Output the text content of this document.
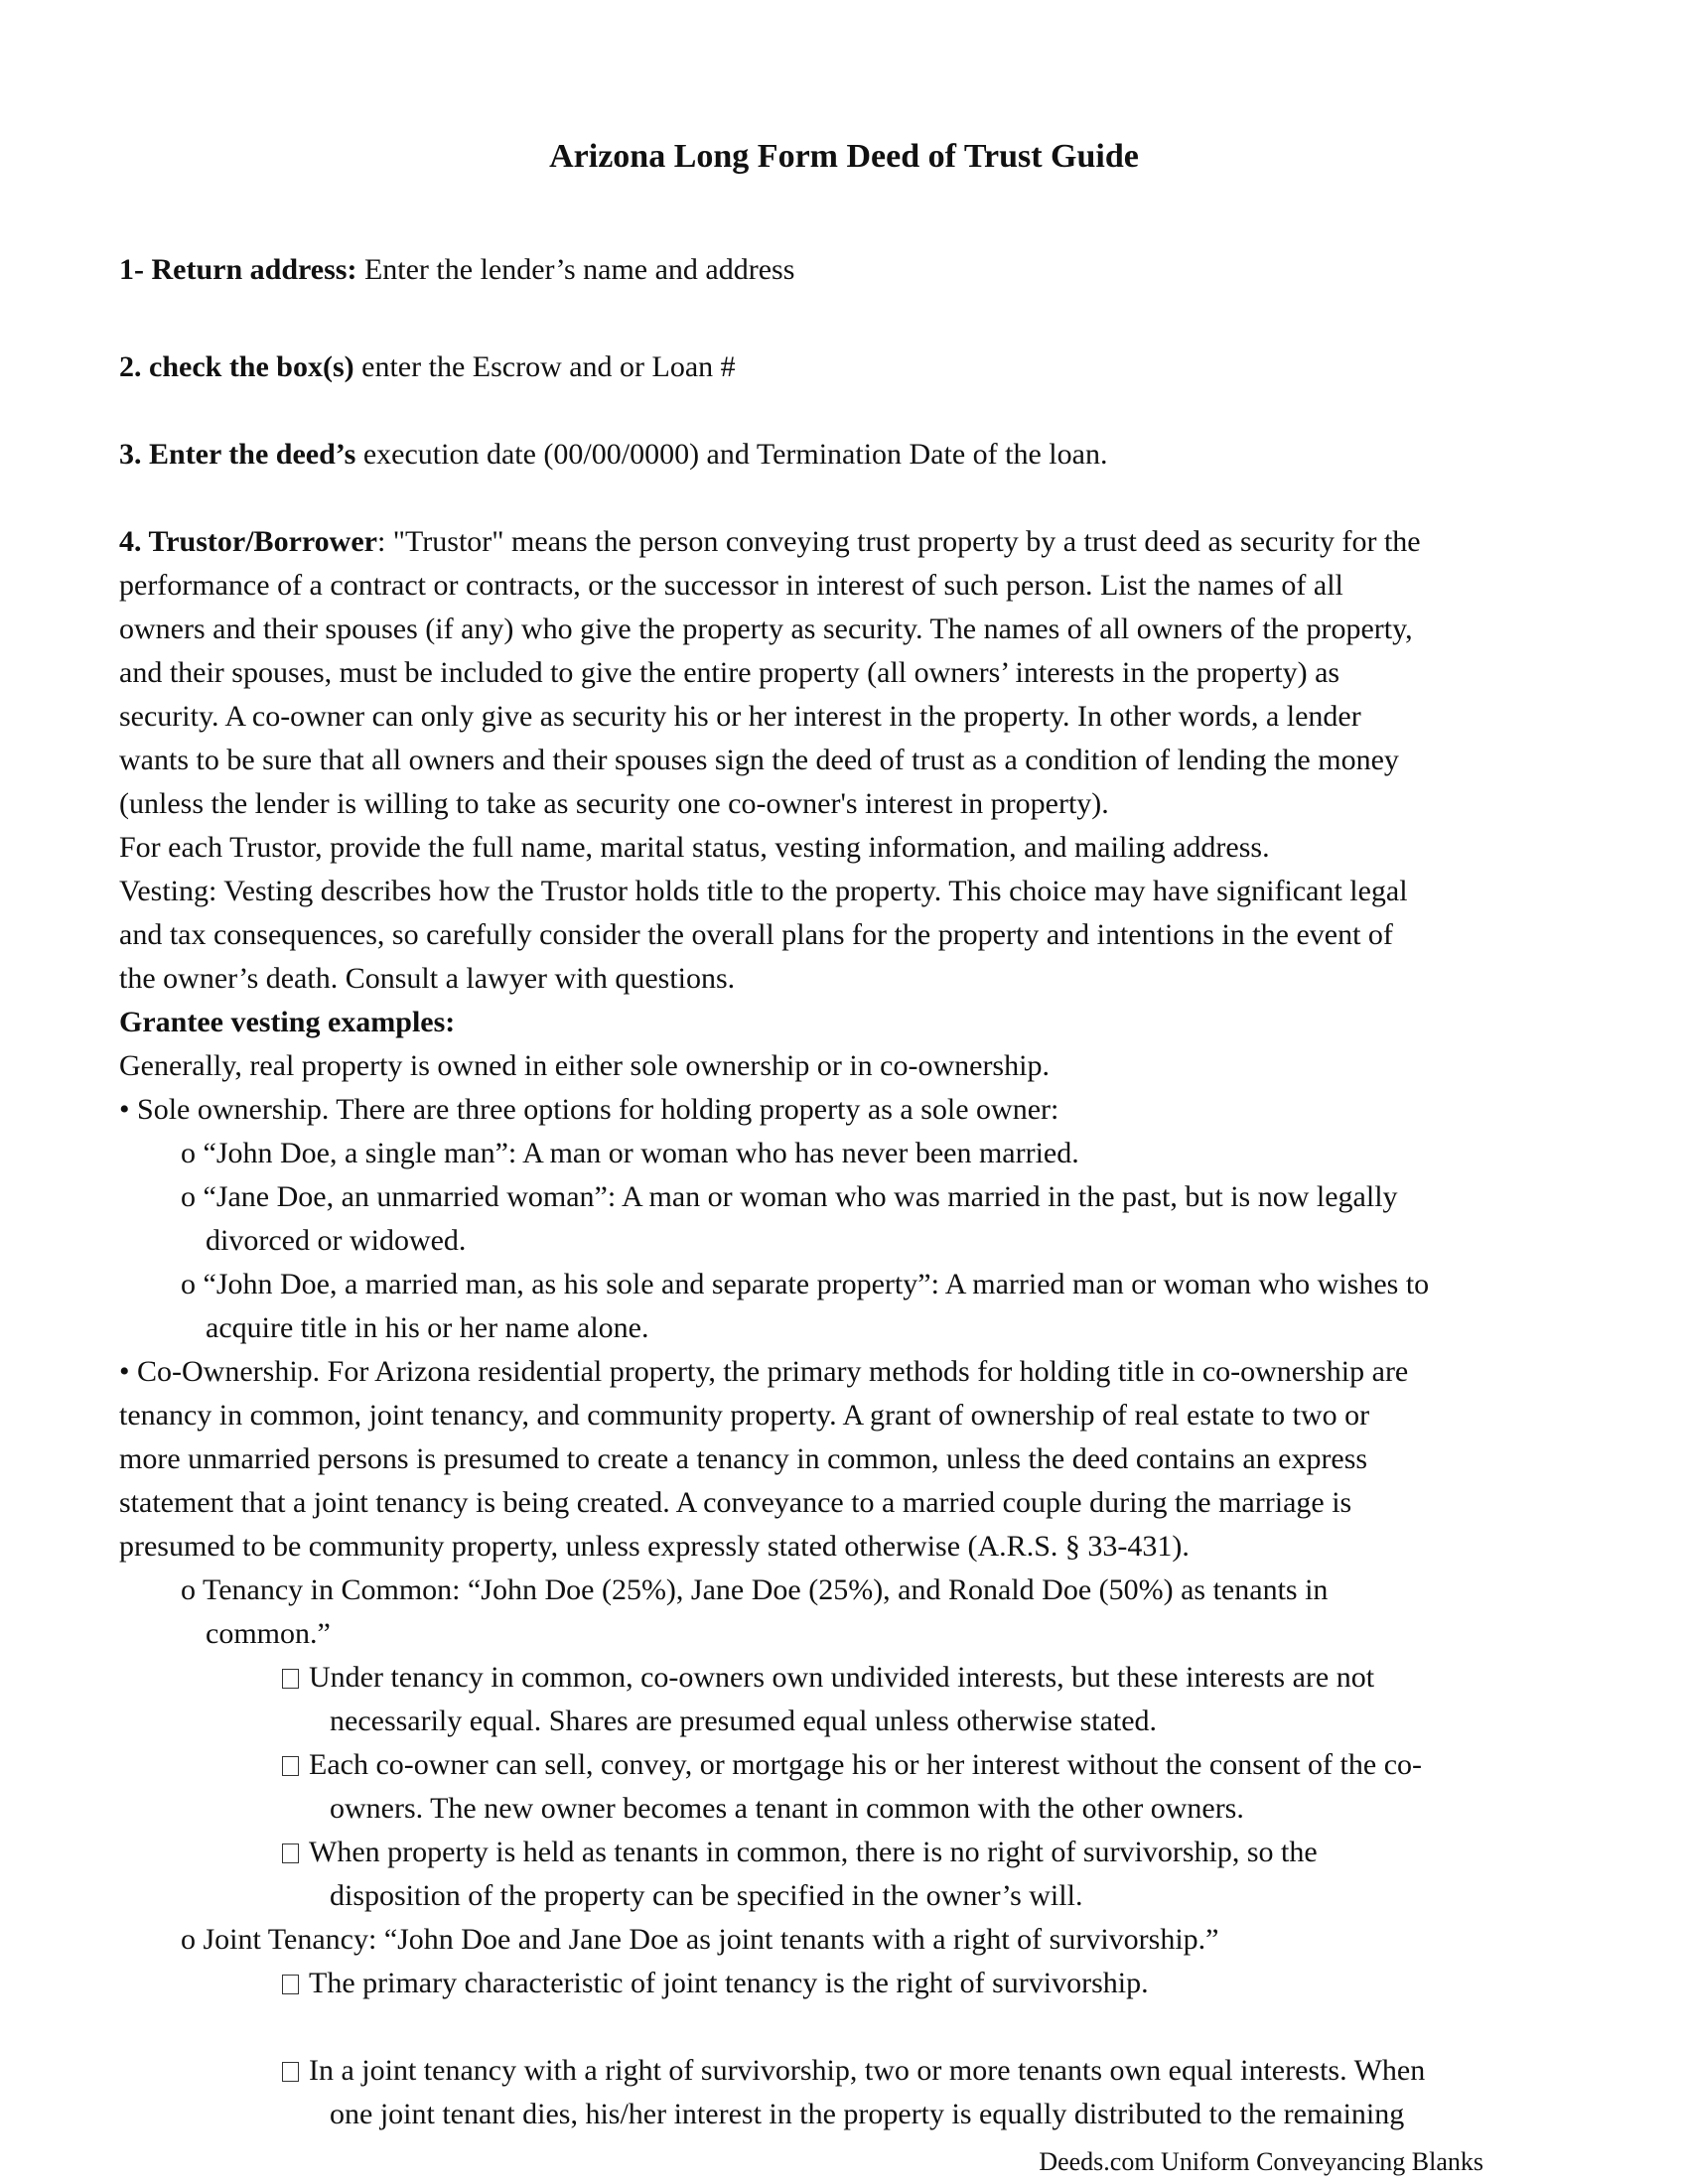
Arizona Long Form Deed of Trust Guide
1- Return address: Enter the lender’s name and address
2. check the box(s) enter the Escrow and or Loan #
3. Enter the deed’s execution date (00/00/0000) and Termination Date of the loan.
4. Trustor/Borrower: "Trustor" means the person conveying trust property by a trust deed as security for the
performance of a contract or contracts, or the successor in interest of such person. List the names of all
owners and their spouses (if any) who give the property as security. The names of all owners of the property,
and their spouses, must be included to give the entire property (all owners’ interests in the property) as
security. A co-owner can only give as security his or her interest in the property. In other words, a lender
wants to be sure that all owners and their spouses sign the deed of trust as a condition of lending the money
(unless the lender is willing to take as security one co-owner's interest in property).
For each Trustor, provide the full name, marital status, vesting information, and mailing address.
Vesting: Vesting describes how the Trustor holds title to the property. This choice may have significant legal
and tax consequences, so carefully consider the overall plans for the property and intentions in the event of
the owner’s death. Consult a lawyer with questions.
Grantee vesting examples:
Generally, real property is owned in either sole ownership or in co-ownership.
• Sole ownership. There are three options for holding property as a sole owner:
o “John Doe, a single man”: A man or woman who has never been married.
o “Jane Doe, an unmarried woman”: A man or woman who was married in the past, but is now legally
divorced or widowed.
o “John Doe, a married man, as his sole and separate property”: A married man or woman who wishes to
acquire title in his or her name alone.
• Co-Ownership. For Arizona residential property, the primary methods for holding title in co-ownership are
tenancy in common, joint tenancy, and community property. A grant of ownership of real estate to two or
more unmarried persons is presumed to create a tenancy in common, unless the deed contains an express
statement that a joint tenancy is being created. A conveyance to a married couple during the marriage is
presumed to be community property, unless expressly stated otherwise (A.R.S. § 33-431).
o Tenancy in Common: “John Doe (25%), Jane Doe (25%), and Ronald Doe (50%) as tenants in
common.”
Under tenancy in common, co-owners own undivided interests, but these interests are not
necessarily equal. Shares are presumed equal unless otherwise stated.
Each co-owner can sell, convey, or mortgage his or her interest without the consent of the co-
owners. The new owner becomes a tenant in common with the other owners.
When property is held as tenants in common, there is no right of survivorship, so the
disposition of the property can be specified in the owner’s will.
o Joint Tenancy: “John Doe and Jane Doe as joint tenants with a right of survivorship.”
The primary characteristic of joint tenancy is the right of survivorship.
In a joint tenancy with a right of survivorship, two or more tenants own equal interests. When
one joint tenant dies, his/her interest in the property is equally distributed to the remaining
Deeds.com Uniform Conveyancing Blanks
